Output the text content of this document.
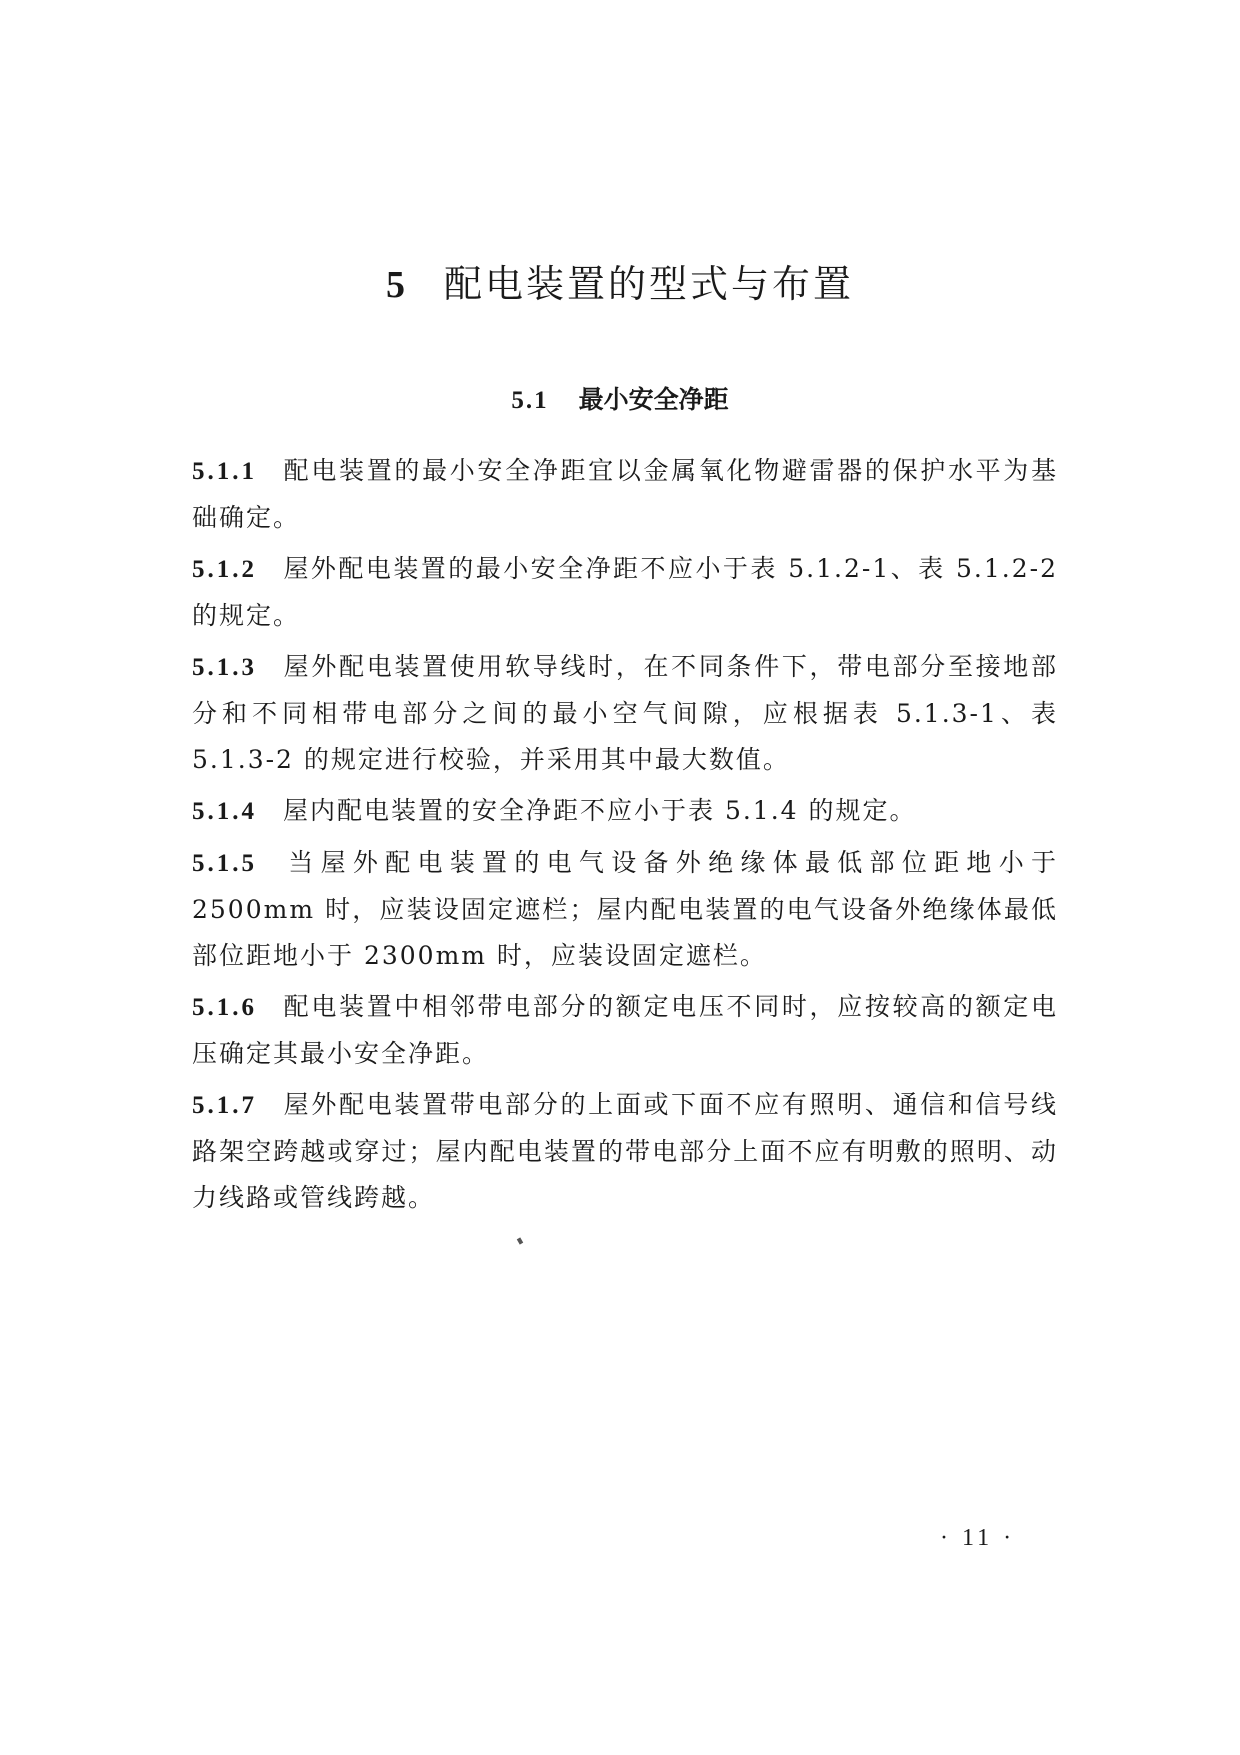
5 配电装置的型式与布置
5.1 最小安全净距

5.1.1 配电装置的最小安全净距宜以金属氧化物避雷器的保护水平为基础确定。

5.1.2 屋外配电装置的最小安全净距不应小于表 5.1.2-1、表 5.1.2-2 的规定。

5.1.3 屋外配电装置使用软导线时，在不同条件下，带电部分至接地部分和不同相带电部分之间的最小空气间隙，应根据表 5.1.3-1、表 5.1.3-2 的规定进行校验，并采用其中最大数值。

5.1.4 屋内配电装置的安全净距不应小于表 5.1.4 的规定。

5.1.5 当屋外配电装置的电气设备外绝缘体最低部位距地小于 2500mm 时，应装设固定遮栏；屋内配电装置的电气设备外绝缘体最低部位距地小于 2300mm 时，应装设固定遮栏。

5.1.6 配电装置中相邻带电部分的额定电压不同时，应按较高的额定电压确定其最小安全净距。

5.1.7 屋外配电装置带电部分的上面或下面不应有照明、通信和信号线路架空跨越或穿过；屋内配电装置的带电部分上面不应有明敷的照明、动力线路或管线跨越。

· 11 ·
